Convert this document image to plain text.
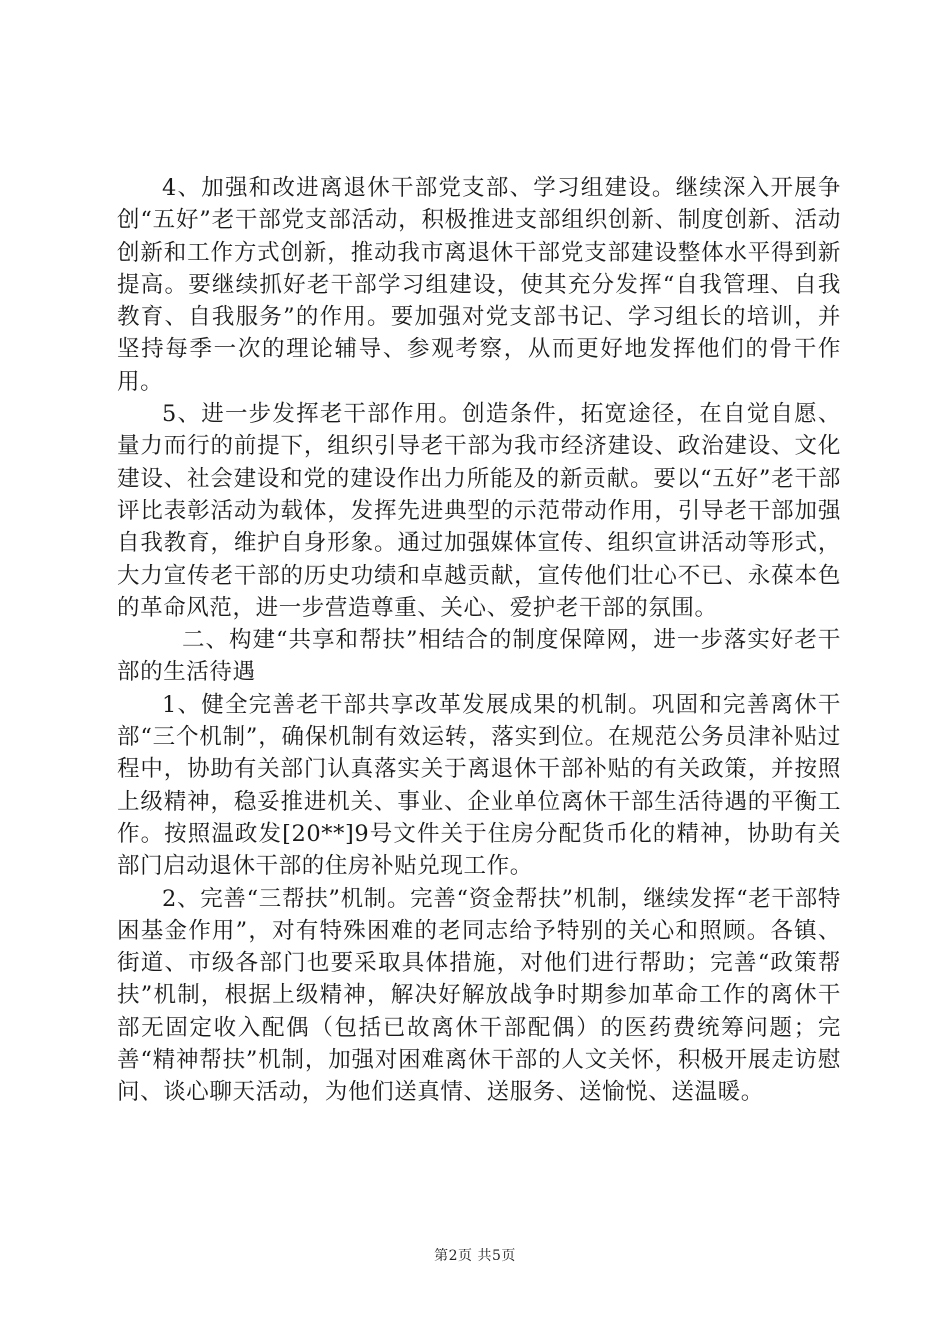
4、加强和改进离退休干部党支部、学习组建设。继续深入开展争创“五好”老干部党支部活动，积极推进支部组织创新、制度创新、活动创新和工作方式创新，推动我市离退休干部党支部建设整体水平得到新提高。要继续抓好老干部学习组建设，使其充分发挥“自我管理、自我教育、自我服务”的作用。要加强对党支部书记、学习组长的培训，并坚持每季一次的理论辅导、参观考察，从而更好地发挥他们的骨干作用。

5、进一步发挥老干部作用。创造条件，拓宽途径，在自觉自愿、量力而行的前提下，组织引导老干部为我市经济建设、政治建设、文化建设、社会建设和党的建设作出力所能及的新贡献。要以“五好”老干部评比表彰活动为载体，发挥先进典型的示范带动作用，引导老干部加强自我教育，维护自身形象。通过加强媒体宣传、组织宣讲活动等形式，大力宣传老干部的历史功绩和卓越贡献，宣传他们壮心不已、永葆本色的革命风范，进一步营造尊重、关心、爱护老干部的氛围。

二、构建“共享和帮扶”相结合的制度保障网，进一步落实好老干部的生活待遇

1、健全完善老干部共享改革发展成果的机制。巩固和完善离休干部“三个机制”，确保机制有效运转，落实到位。在规范公务员津补贴过程中，协助有关部门认真落实关于离退休干部补贴的有关政策，并按照上级精神，稳妥推进机关、事业、企业单位离休干部生活待遇的平衡工作。按照温政发[20**]9号文件关于住房分配货币化的精神，协助有关部门启动退休干部的住房补贴兑现工作。

2、完善“三帮扶”机制。完善“资金帮扶”机制，继续发挥“老干部特困基金作用”，对有特殊困难的老同志给予特别的关心和照顾。各镇、街道、市级各部门也要采取具体措施，对他们进行帮助；完善“政策帮扶”机制，根据上级精神，解决好解放战争时期参加革命工作的离休干部无固定收入配偶（包括已故离休干部配偶）的医药费统筹问题；完善“精神帮扶”机制，加强对困难离休干部的人文关怀，积极开展走访慰问、谈心聊天活动，为他们送真情、送服务、送愉悦、送温暖。

第2页 共5页
